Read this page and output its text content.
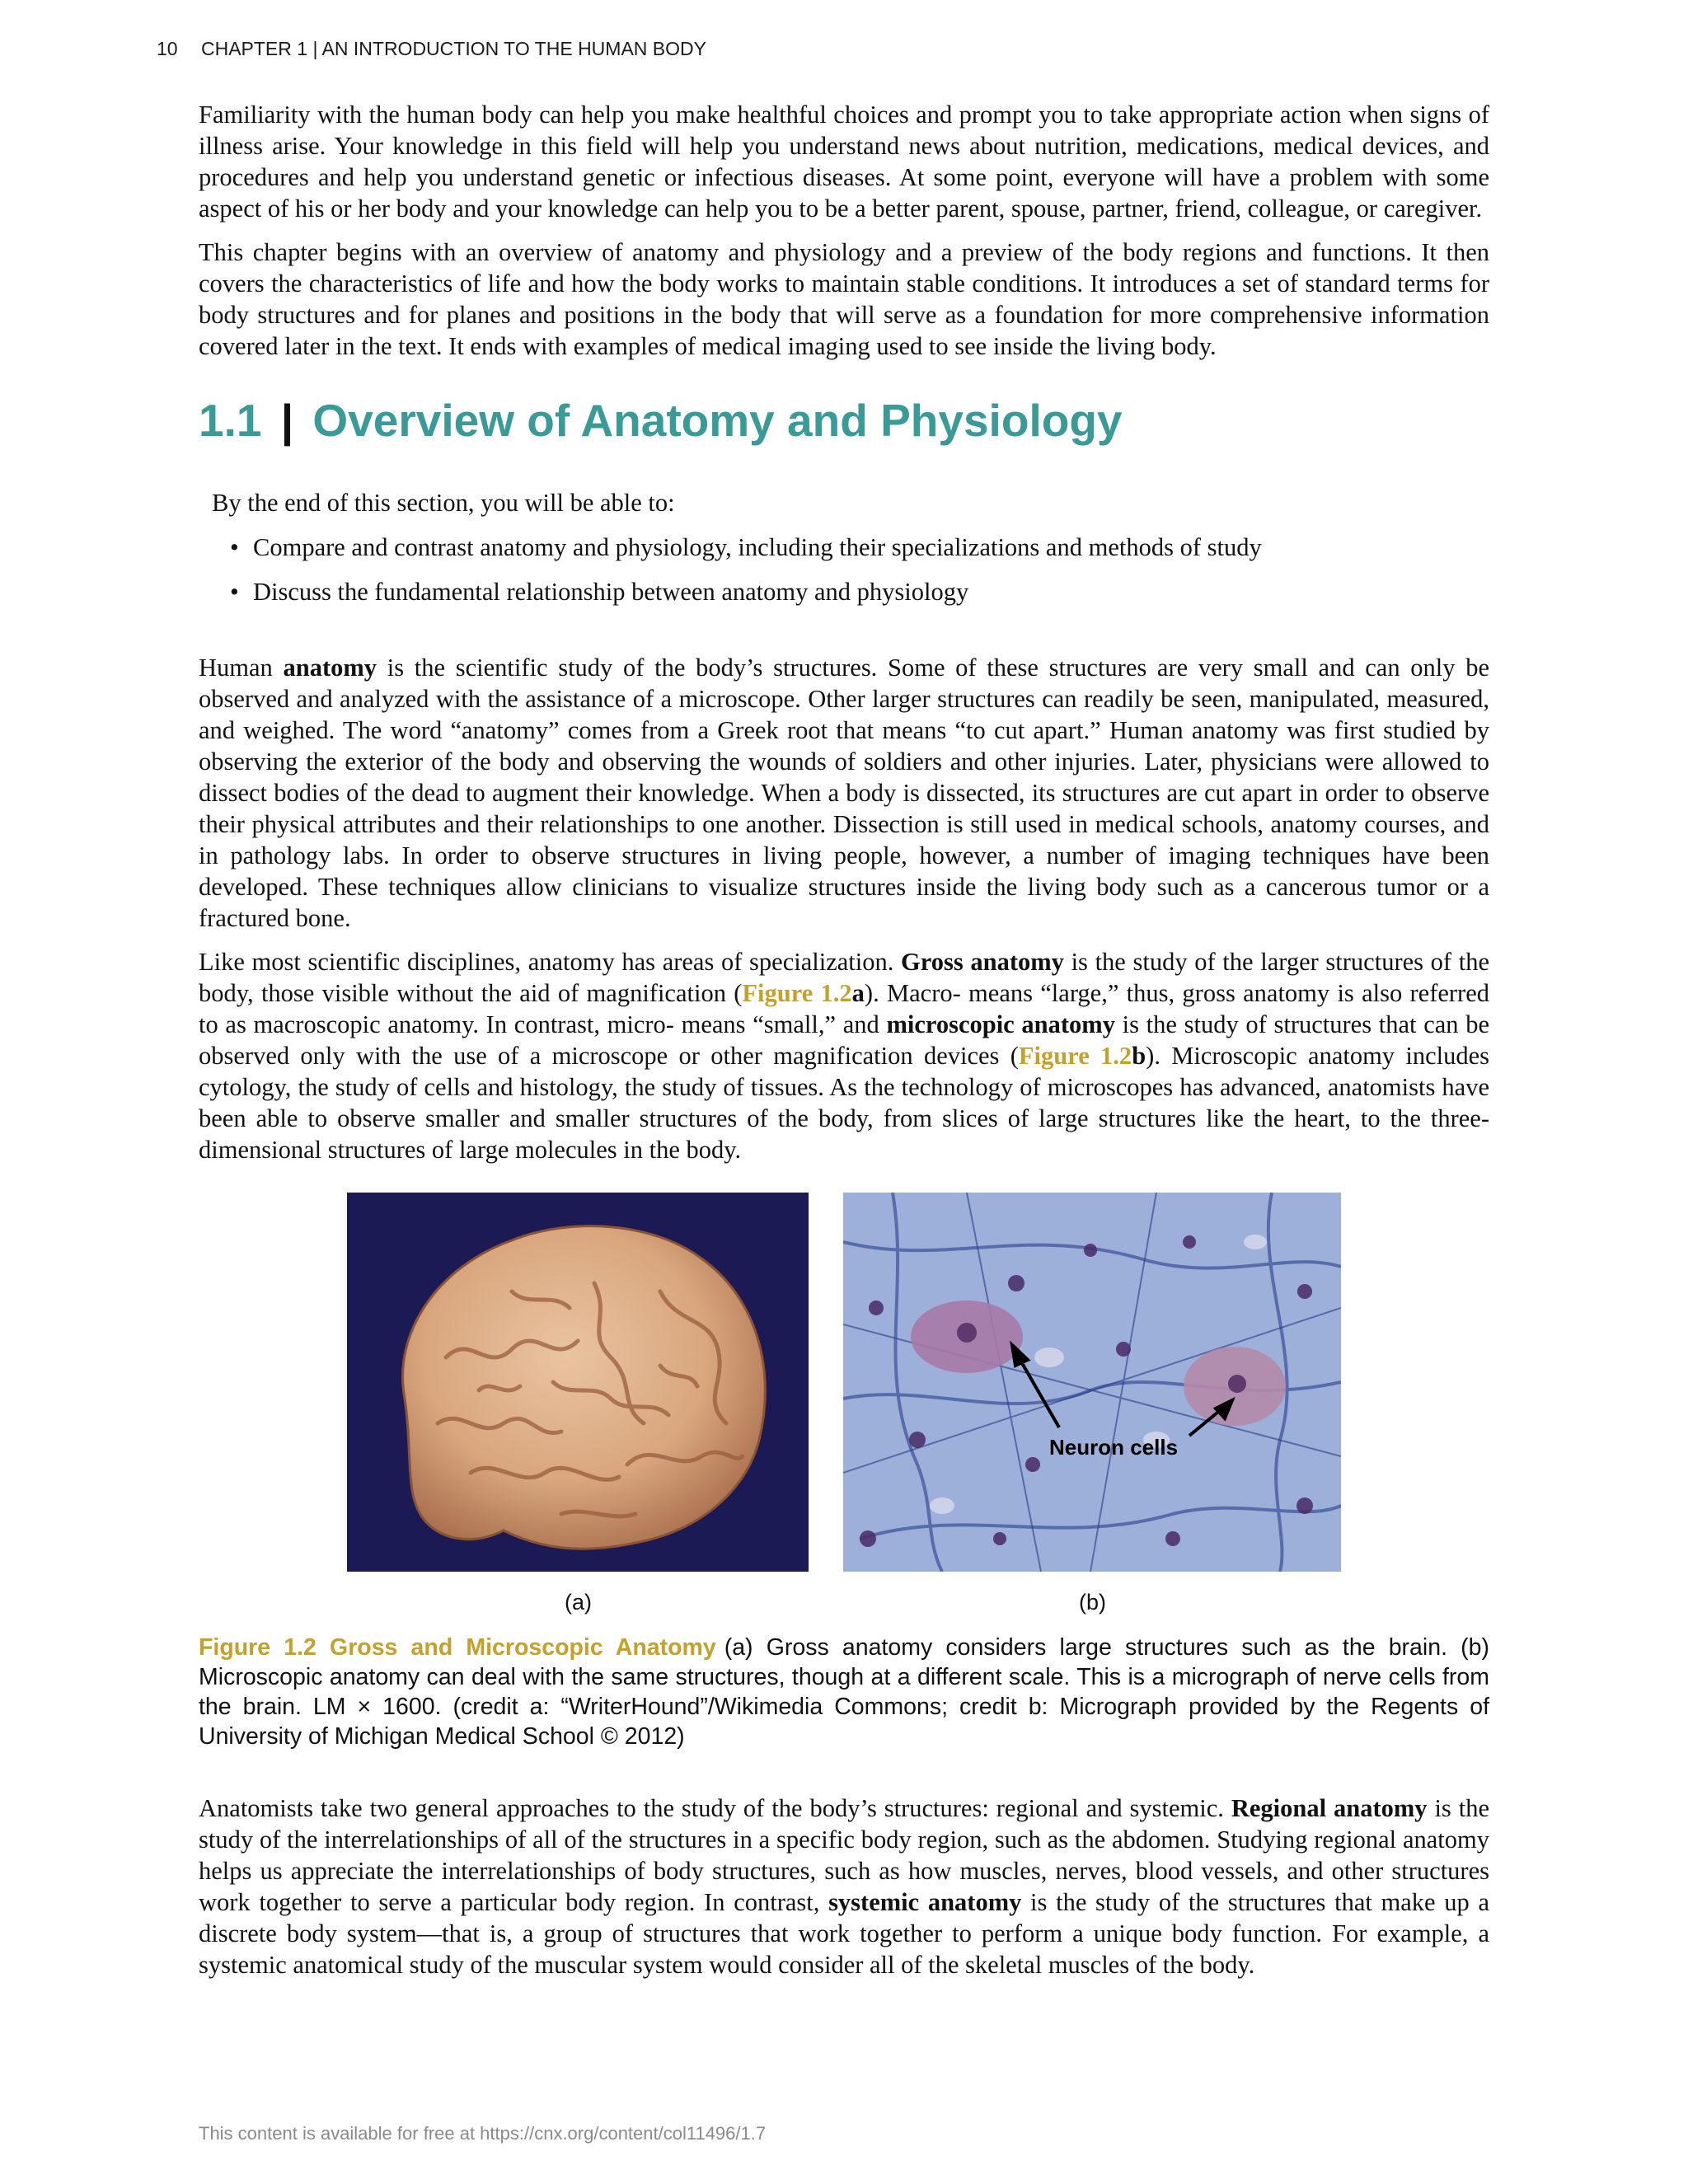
10 CHAPTER 1 | AN INTRODUCTION TO THE HUMAN BODY

Familiarity with the human body can help you make healthful choices and prompt you to take appropriate action when signs of illness arise. Your knowledge in this field will help you understand news about nutrition, medications, medical devices, and procedures and help you understand genetic or infectious diseases. At some point, everyone will have a problem with some aspect of his or her body and your knowledge can help you to be a better parent, spouse, partner, friend, colleague, or caregiver.

This chapter begins with an overview of anatomy and physiology and a preview of the body regions and functions. It then covers the characteristics of life and how the body works to maintain stable conditions. It introduces a set of standard terms for body structures and for planes and positions in the body that will serve as a foundation for more comprehensive information covered later in the text. It ends with examples of medical imaging used to see inside the living body.

1.1 | Overview of Anatomy and Physiology

By the end of this section, you will be able to:

• Compare and contrast anatomy and physiology, including their specializations and methods of study
• Discuss the fundamental relationship between anatomy and physiology

Human anatomy is the scientific study of the body’s structures. Some of these structures are very small and can only be observed and analyzed with the assistance of a microscope. Other larger structures can readily be seen, manipulated, measured, and weighed. The word “anatomy” comes from a Greek root that means “to cut apart.” Human anatomy was first studied by observing the exterior of the body and observing the wounds of soldiers and other injuries. Later, physicians were allowed to dissect bodies of the dead to augment their knowledge. When a body is dissected, its structures are cut apart in order to observe their physical attributes and their relationships to one another. Dissection is still used in medical schools, anatomy courses, and in pathology labs. In order to observe structures in living people, however, a number of imaging techniques have been developed. These techniques allow clinicians to visualize structures inside the living body such as a cancerous tumor or a fractured bone.

Like most scientific disciplines, anatomy has areas of specialization. Gross anatomy is the study of the larger structures of the body, those visible without the aid of magnification (Figure 1.2a). Macro- means “large,” thus, gross anatomy is also referred to as macroscopic anatomy. In contrast, micro- means “small,” and microscopic anatomy is the study of structures that can be observed only with the use of a microscope or other magnification devices (Figure 1.2b). Microscopic anatomy includes cytology, the study of cells and histology, the study of tissues. As the technology of microscopes has advanced, anatomists have been able to observe smaller and smaller structures of the body, from slices of large structures like the heart, to the three-dimensional structures of large molecules in the body.

Neuron cells
(a)	(b)

Figure 1.2 Gross and Microscopic Anatomy (a) Gross anatomy considers large structures such as the brain. (b) Microscopic anatomy can deal with the same structures, though at a different scale. This is a micrograph of nerve cells from the brain. LM × 1600. (credit a: “WriterHound”/Wikimedia Commons; credit b: Micrograph provided by the Regents of University of Michigan Medical School © 2012)

Anatomists take two general approaches to the study of the body’s structures: regional and systemic. Regional anatomy is the study of the interrelationships of all of the structures in a specific body region, such as the abdomen. Studying regional anatomy helps us appreciate the interrelationships of body structures, such as how muscles, nerves, blood vessels, and other structures work together to serve a particular body region. In contrast, systemic anatomy is the study of the structures that make up a discrete body system—that is, a group of structures that work together to perform a unique body function. For example, a systemic anatomical study of the muscular system would consider all of the skeletal muscles of the body.

This content is available for free at https://cnx.org/content/col11496/1.7
